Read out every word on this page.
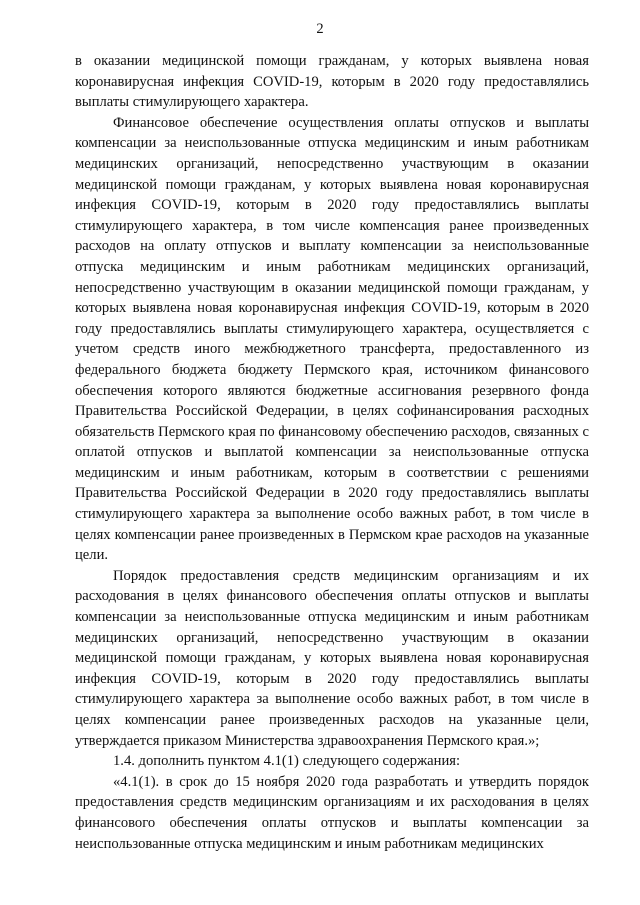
2

в оказании медицинской помощи гражданам, у которых выявлена новая коронавирусная инфекция COVID-19, которым в 2020 году предоставлялись выплаты стимулирующего характера.

Финансовое обеспечение осуществления оплаты отпусков и выплаты компенсации за неиспользованные отпуска медицинским и иным работникам медицинских организаций, непосредственно участвующим в оказании медицинской помощи гражданам, у которых выявлена новая коронавирусная инфекция COVID-19, которым в 2020 году предоставлялись выплаты стимулирующего характера, в том числе компенсация ранее произведенных расходов на оплату отпусков и выплату компенсации за неиспользованные отпуска медицинским и иным работникам медицинских организаций, непосредственно участвующим в оказании медицинской помощи гражданам, у которых выявлена новая коронавирусная инфекция COVID-19, которым в 2020 году предоставлялись выплаты стимулирующего характера, осуществляется с учетом средств иного межбюджетного трансферта, предоставленного из федерального бюджета бюджету Пермского края, источником финансового обеспечения которого являются бюджетные ассигнования резервного фонда Правительства Российской Федерации, в целях софинансирования расходных обязательств Пермского края по финансовому обеспечению расходов, связанных с оплатой отпусков и выплатой компенсации за неиспользованные отпуска медицинским и иным работникам, которым в соответствии с решениями Правительства Российской Федерации в 2020 году предоставлялись выплаты стимулирующего характера за выполнение особо важных работ, в том числе в целях компенсации ранее произведенных в Пермском крае расходов на указанные цели.

Порядок предоставления средств медицинским организациям и их расходования в целях финансового обеспечения оплаты отпусков и выплаты компенсации за неиспользованные отпуска медицинским и иным работникам медицинских организаций, непосредственно участвующим в оказании медицинской помощи гражданам, у которых выявлена новая коронавирусная инфекция COVID-19, которым в 2020 году предоставлялись выплаты стимулирующего характера за выполнение особо важных работ, в том числе в целях компенсации ранее произведенных расходов на указанные цели, утверждается приказом Министерства здравоохранения Пермского края.»;

1.4. дополнить пунктом 4.1(1) следующего содержания:

«4.1(1). в срок до 15 ноября 2020 года разработать и утвердить порядок предоставления средств медицинским организациям и их расходования в целях финансового обеспечения оплаты отпусков и выплаты компенсации за неиспользованные отпуска медицинским и иным работникам медицинских
